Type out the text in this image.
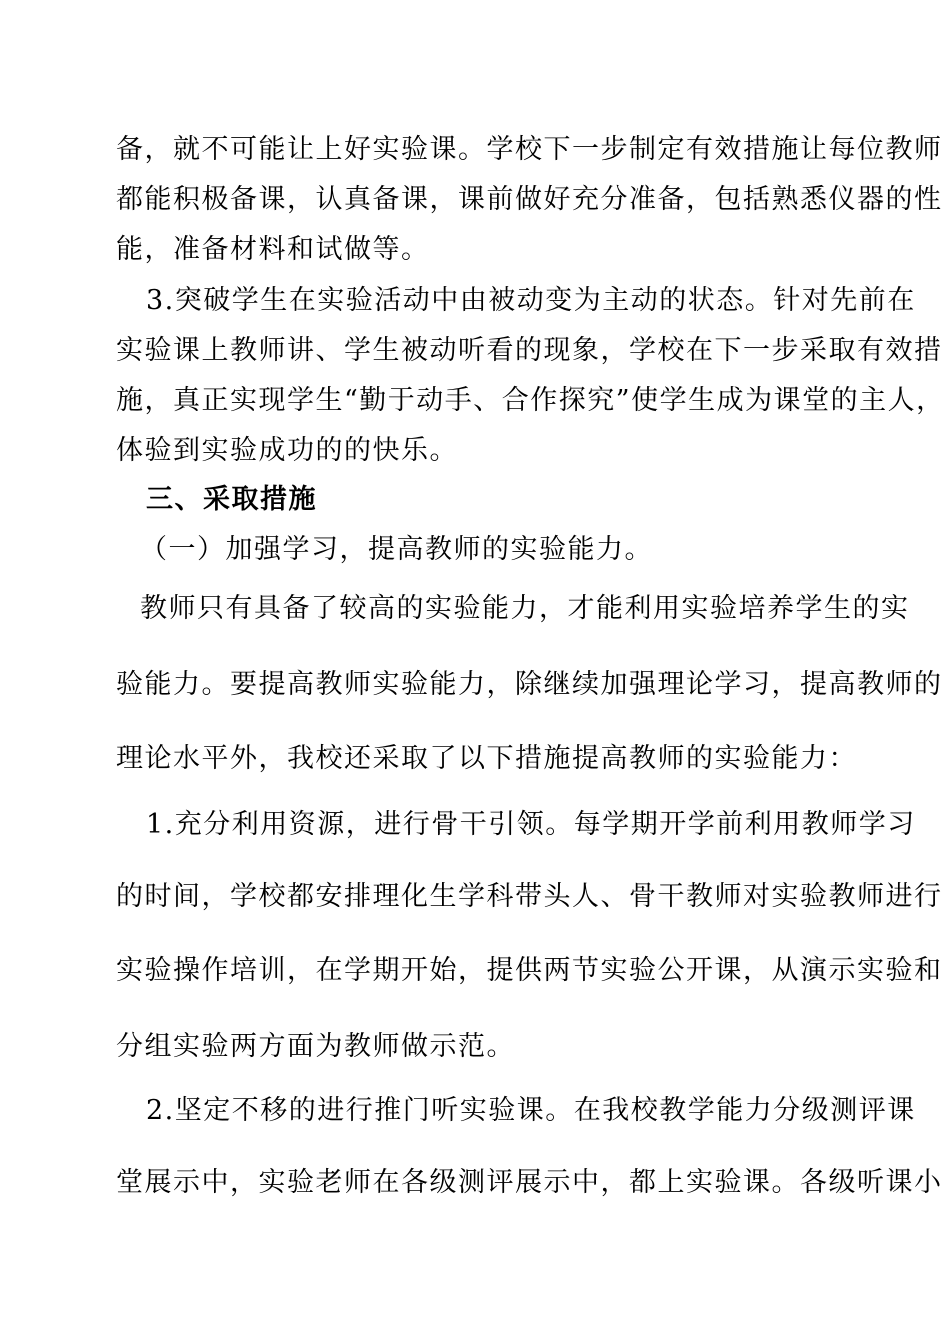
备，就不可能让上好实验课。学校下一步制定有效措施让每位教师
都能积极备课，认真备课，课前做好充分准备，包括熟悉仪器的性
能，准备材料和试做等。
3.突破学生在实验活动中由被动变为主动的状态。针对先前在
实验课上教师讲、学生被动听看的现象，学校在下一步采取有效措
施，真正实现学生“勤于动手、合作探究”使学生成为课堂的主人，
体验到实验成功的的快乐。
三、采取措施
（一）加强学习，提高教师的实验能力。
教师只有具备了较高的实验能力，才能利用实验培养学生的实
验能力。要提高教师实验能力，除继续加强理论学习，提高教师的
理论水平外，我校还采取了以下措施提高教师的实验能力：
1.充分利用资源，进行骨干引领。每学期开学前利用教师学习
的时间，学校都安排理化生学科带头人、骨干教师对实验教师进行
实验操作培训，在学期开始，提供两节实验公开课，从演示实验和
分组实验两方面为教师做示范。
2.坚定不移的进行推门听实验课。在我校教学能力分级测评课
堂展示中，实验老师在各级测评展示中，都上实验课。各级听课小
